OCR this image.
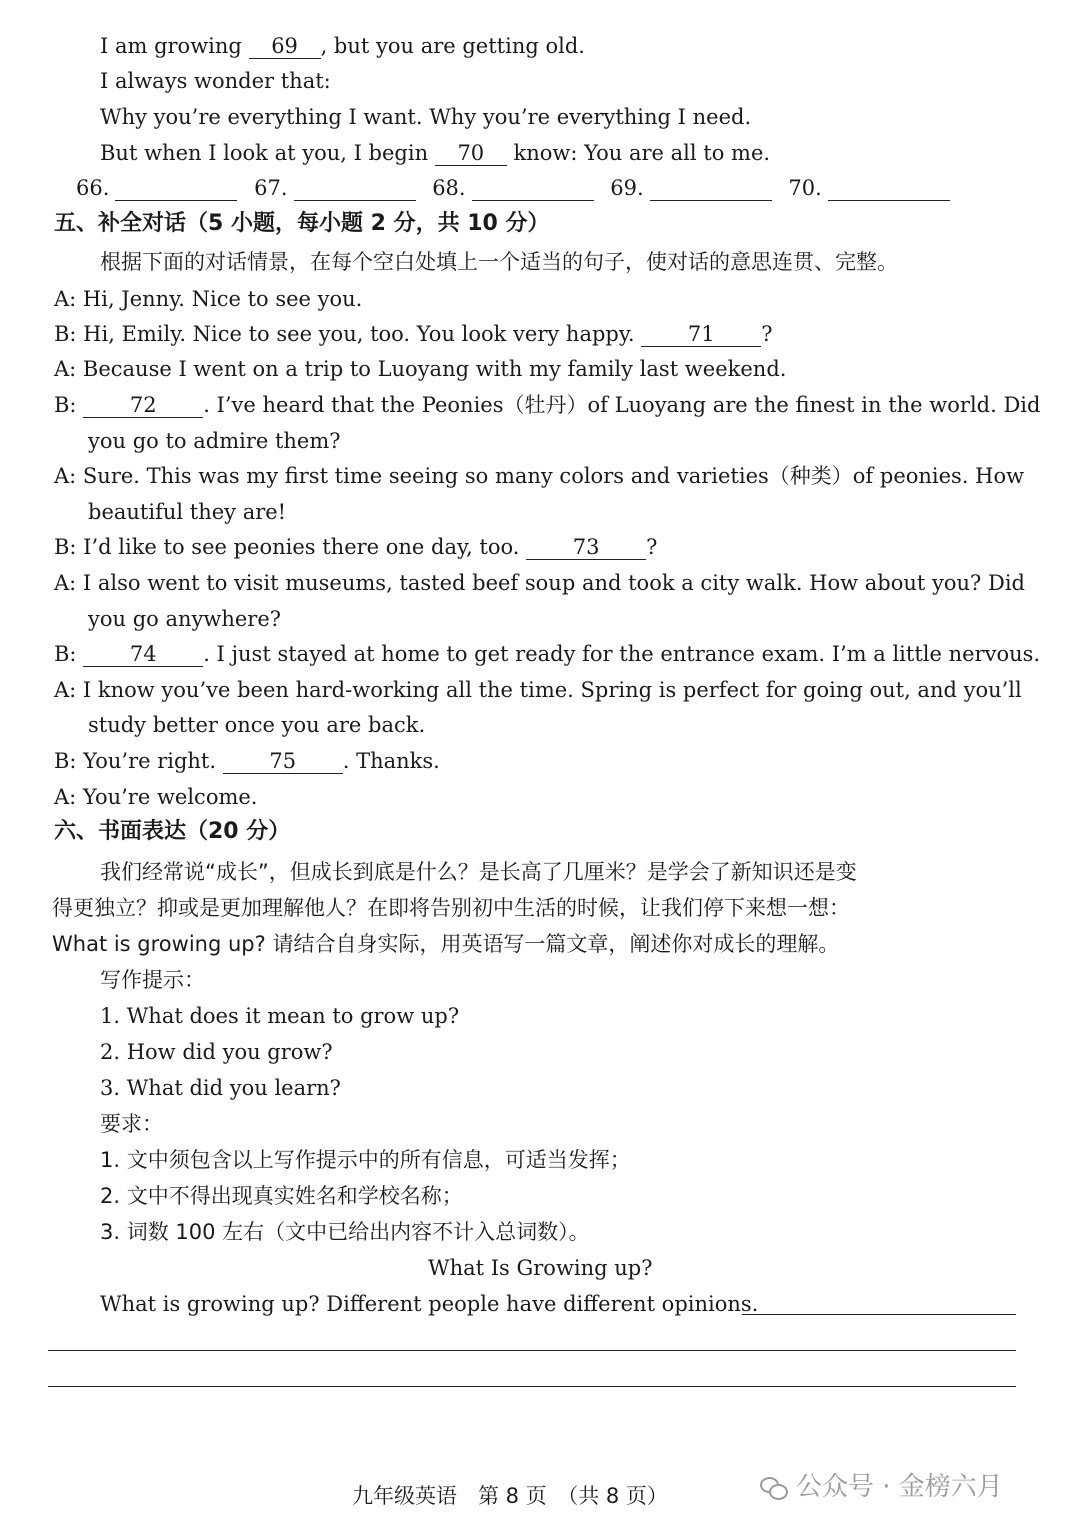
I am growing 69 , but you are getting old.
I always wonder that:
Why you’re everything I want. Why you’re everything I need.
But when I look at you, I begin 70 know: You are all to me.
66.	67.	68.	69.	70.
五、补全对话（5 小题，每小题 2 分，共 10 分）
根据下面的对话情景，在每个空白处填上一个适当的句子，使对话的意思连贯、完整。
A: Hi, Jenny. Nice to see you.
B: Hi, Emily. Nice to see you, too. You look very happy.	71 ?
A: Because I went on a trip to Luoyang with my family last weekend.
B:	72 . I’ve heard that the Peonies（牡丹）of Luoyang are the finest in the world. Did
you go to admire them?
A: Sure. This was my first time seeing so many colors and varieties（种类）of peonies. How
beautiful they are!
B: I’d like to see peonies there one day, too.	73 ?
A: I also went to visit museums, tasted beef soup and took a city walk. How about you? Did
you go anywhere?
B:	74 . I just stayed at home to get ready for the entrance exam. I’m a little nervous.
A: I know you’ve been hard-working all the time. Spring is perfect for going out, and you’ll
study better once you are back.
B: You’re right.	75 . Thanks.
A: You’re welcome.
六、书面表达（20 分）
我们经常说“成长”，但成长到底是什么？是长高了几厘米？是学会了新知识还是变
得更独立？抑或是更加理解他人？在即将告别初中生活的时候，让我们停下来想一想：
What is growing up? 请结合自身实际，用英语写一篇文章，阐述你对成长的理解。
写作提示：
1. What does it mean to grow up?
2. How did you grow?
3. What did you learn?
要求：
1. 文中须包含以上写作提示中的所有信息，可适当发挥；
2. 文中不得出现真实姓名和学校名称；
3. 词数 100 左右（文中已给出内容不计入总词数）。
What Is Growing up?
What is growing up? Different people have different opinions.
九年级英语　第 8 页　（共 8 页）	公众号 · 金榜六月
